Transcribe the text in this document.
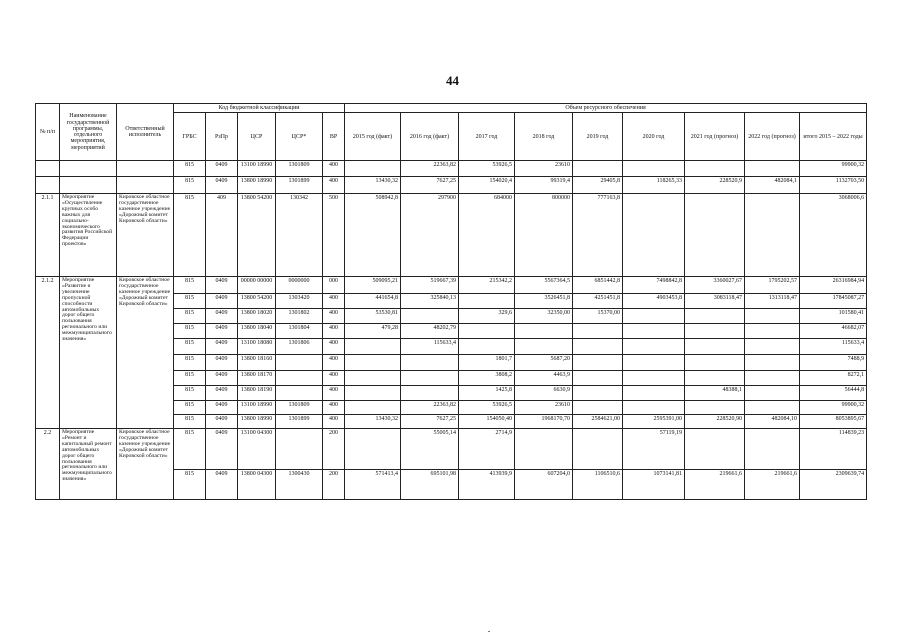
44
№ п/п	Наименование государственной программы, отдельного мероприятия, мероприятий	Ответственный исполнитель	Код бюджетной классификации					Объем ресурсного обеспечения								
			ГРБС	РзПр	ЦСР	ЦСР*	ВР	2015 год (факт)	2016 год (факт)	2017 год	2018 год	2019 год	2020 год	2021 год (прогноз)	2022 год (прогноз)	итого 2015 – 2022 годы
			815	0409	13100 18990	1301809	400		22363,82	53926,5	23610					99900,32
			815	0409	13800 18990	1301899	400	13430,32	7627,25	154020,4	99319,4	29405,8	118265,33	228520,9	482084,1	1132703,50
2.1.1	Мероприятие «Осуществление крупных особо важных для социально-экономического развития Российской Федерации проектов»	Кировское областное государственное казенное учреждение «Дорожный комитет Кировской области»	815	409	13800 54200	130342	500	508942,8	297900	684000	800000	777163,8				3068006,6
2.1.2	Мероприятие «Развитие и увеличение пропускной способности автомобильных дорог общего пользования регионального или межмуниципального значения»	Кировское областное государственное казенное учреждение «Дорожный комитет Кировской области»	815	0409	00000 00000	0000000	000	509095,21	519667,39	215342,2	5567364,5	6851442,8	7498842,8	3360027,67	1795202,57	26316984,94
			815	0409	13800 54200	1303420	400	441654,8	325840,13		3526451,8	4251451,8	4903453,8	3083118,47	1313118,47	17845087,27
			815	0409	13800 18020	1301802	400	53530,81		329,6	32350,00	15370,00				101580,41
			815	0409	13800 18040	1301804	400	479,28	48202,79							46682,07
			815	0409	13100 18080	1301806	400		115633,4							115633,4
			815	0409	13800 18160		400			1801,7	5687,20					7488,9
			815	0409	13800 18170		400			3808,2	4463,9					8272,1
			815	0409	13800 18190		400			1425,8	6630,9			48388,1		56444,8
			815	0409	13100 18990	1301809	400		22363,82	53926,5	23610					99900,32
			815	0409	13800 18990	1301899	400	13430,32	7627,25	154050,40	1968170,70	2584621,00	2595391,00	228520,90	482084,10	8053895,67
2.2	Мероприятие «Ремонт и капитальный ремонт автомобильных дорог общего пользования регионального или межмуниципального значения»	Кировское областное государственное казенное учреждение «Дорожный комитет Кировской области»	815	0409	13100 04300		200		55005,14	2714,9			57119,19			114839,23
			815	0409	13800 04300	1300430	200	571413,4	695101,98	413939,9	607204,0	1106510,6	1073141,81	219661,6	219661,6	2309639,74
